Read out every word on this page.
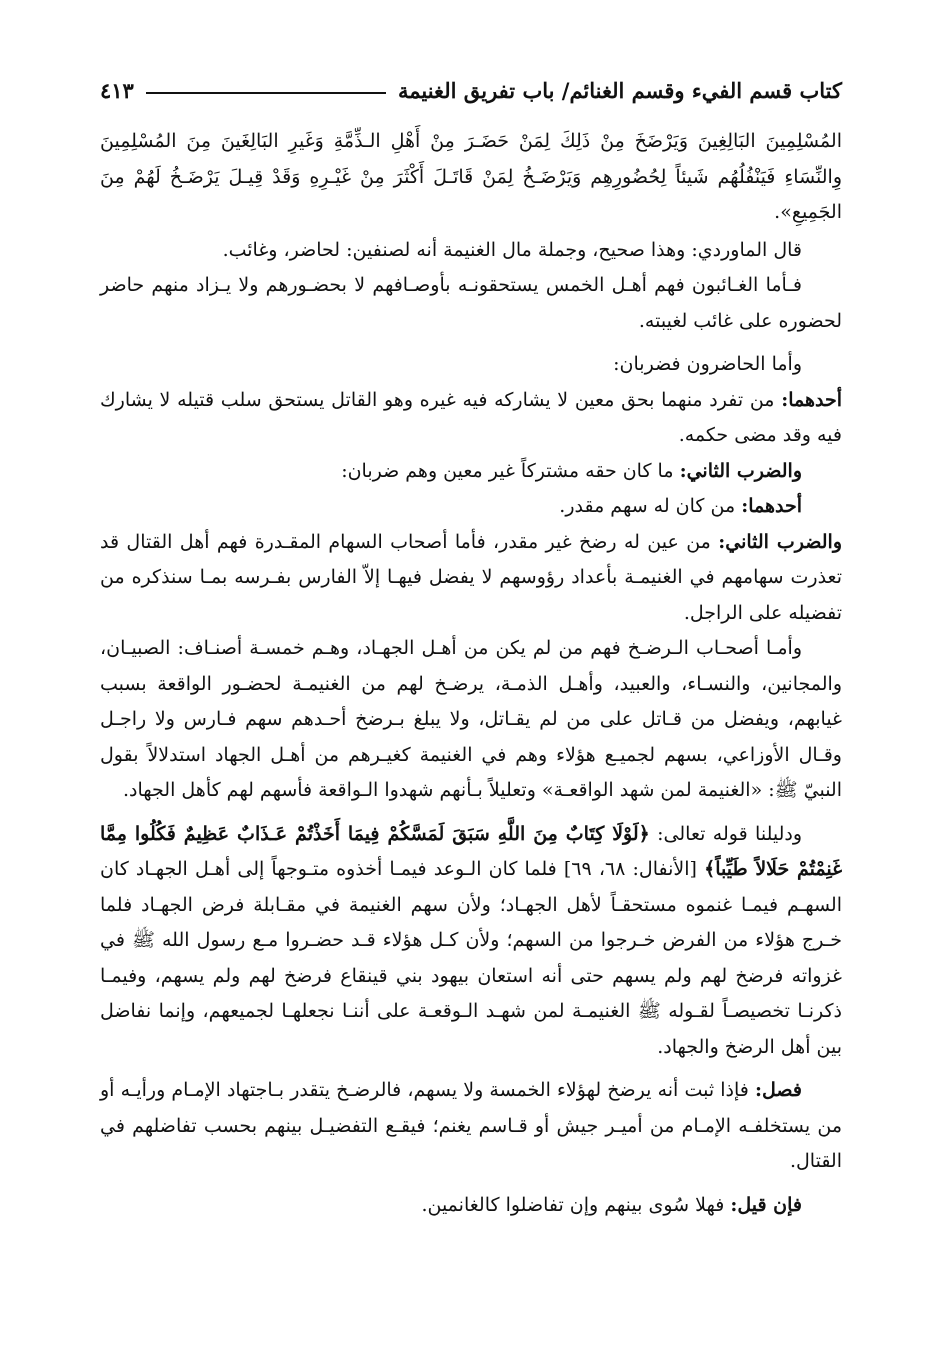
كتاب قسم الفيء وقسم الغنائم/ باب تفريق الغنيمة
٤١٣

المُسْلِمِينَ البَالِغِينَ وَيَرْضَخَ مِنْ ذَلِكَ لِمَنْ حَضَـرَ مِنْ أَهْلِ الـذِّمَّةِ وَغَيرِ البَالِغَينَ مِنَ المُسْلِمِينَ وِالنِّسَاءِ فَيَنْفُلُهُم شَيئاً لِحُضُورِهِم وَيَرْضَـخُ لِمَنْ قَاتَـلَ أَكْثَرَ مِنْ غَيْـرِهِ وَقَدْ قِيـلَ يَرْضَـخُ لَهُمْ مِنَ الجَمِيعِ».

قال الماوردي: وهذا صحيح، وجملة مال الغنيمة أنه لصنفين: لحاضر، وغائب.

فـأما الغـائبون فهم أهـل الخمس يستحقونـه بأوصـافهم لا بحضـورهم ولا يـزاد منهم حاضر لحضوره على غائب لغيبته.

وأما الحاضرون فضربان:

أحدهما: من تفرد منهما بحق معين لا يشاركه فيه غيره وهو القاتل يستحق سلب قتيله لا يشارك فيه وقد مضى حكمه.

والضرب الثاني: ما كان حقه مشتركاً غير معين وهم ضربان:

أحدهما: من كان له سهم مقدر.

والضرب الثاني: من عين له رضخ غير مقدر، فأما أصحاب السهام المقـدرة فهم أهل القتال قد تعذرت سهامهم في الغنيمـة بأعداد رؤوسهم لا يفضل فيهـا إلاّ الفارس بفـرسه بمـا سنذكره من تفضيله على الراجل.

وأمـا أصحـاب الـرضـخ فهم من لم يكن من أهـل الجهـاد، وهـم خمسـة أصنـاف: الصبيـان، والمجانين، والنسـاء، والعبيد، وأهـل الذمـة، يرضـخ لهم من الغنيمـة لحضـور الواقعة بسبب غيابهم، ويفضل من قـاتل على من لم يقـاتل، ولا يبلغ بـرضخ أحـدهم سهم فـارس ولا راجـل وقـال الأوزاعي، بسهم لجميـع هؤلاء وهم في الغنيمة كغيـرهم من أهـل الجهاد استدلالاً بقول النبيّ ﷺ: «الغنيمة لمن شهد الواقعـة» وتعليلاً بـأنهم شهدوا الـواقعة فأسهم لهم كأهل الجهاد.

ودليلنا قوله تعالى: ﴿لَوْلَا كِتَابٌ مِنَ اللَّهِ سَبَقَ لَمَسَّكُمْ فِيمَا أَخَذْتُمْ عَـذَابٌ عَظِيمٌ فَكُلُوا مِمَّا غَنِمْتُمْ حَلَالاً طَيِّباً﴾ [الأنفال: ٦٨، ٦٩] فلما كان الـوعد فيمـا أخذوه متـوجهاً إلى أهـل الجهـاد كان السهـم فيمـا غنموه مستحقـاً لأهل الجهـاد؛ ولأن سهم الغنيمة في مقـابلة فرض الجهـاد فلما خـرج هؤلاء من الفرض خـرجوا من السهم؛ ولأن كـل هؤلاء قـد حضـروا مـع رسول الله ﷺ في غزواته فرضخ لهم ولم يسهم حتى أنه استعان بيهود بني قينقاع فرضخ لهم ولم يسهم، وفيمـا ذكرنـا تخصيصـاً لقـوله ﷺ الغنيمـة لمن شهـد الـوقعـة على أننـا نجعلهـا لجميعهم، وإنما نفاضل بين أهل الرضخ والجهاد.

فصل: فإذا ثبت أنه يرضخ لهؤلاء الخمسة ولا يسهم، فالرضـخ يتقدر بـاجتهاد الإمـام ورأيـه أو من يستخلفـه الإمـام من أميـر جيش أو قـاسم يغنم؛ فيقـع التفضيـل بينهم بحسب تفاضلهم في القتال.

فإن قيل: فهلا سُوى بينهم وإن تفاضلوا كالغانمين.
